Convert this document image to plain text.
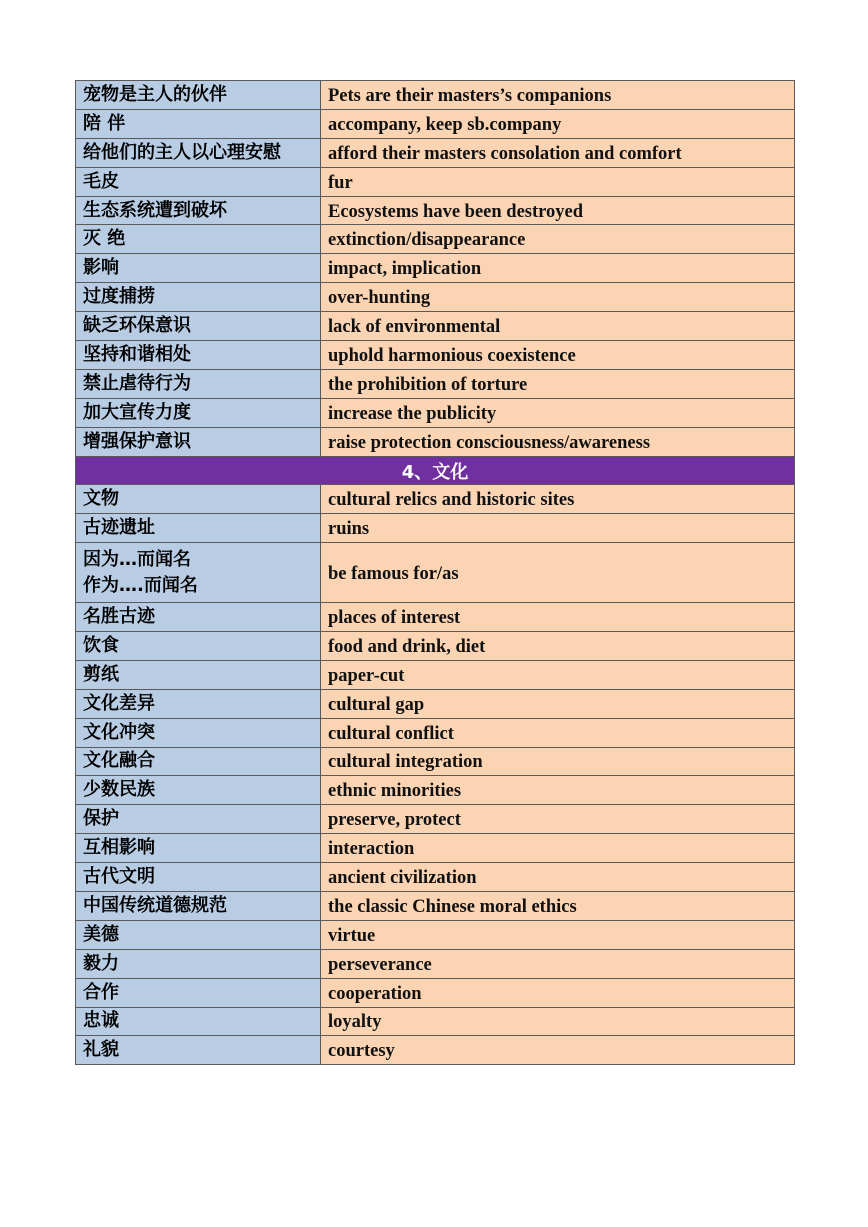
宠物是主人的伙伴	Pets are their masters’s companions
陪 伴	accompany, keep sb.company
给他们的主人以心理安慰	afford their masters consolation and comfort
毛皮	fur
生态系统遭到破坏	Ecosystems have been destroyed
灭 绝	extinction/disappearance
影响	impact, implication
过度捕捞	over-hunting
缺乏环保意识	lack of environmental
坚持和谐相处	uphold harmonious coexistence
禁止虐待行为	the prohibition of torture
加大宣传力度	increase the publicity
增强保护意识	raise protection consciousness/awareness
4、文化	
文物	cultural relics and historic sites
古迹遗址	ruins
因为…而闻名
作为….而闻名	be famous for/as
名胜古迹	places of interest
饮食	food and drink, diet
剪纸	paper-cut
文化差异	cultural gap
文化冲突	cultural conflict
文化融合	cultural integration
少数民族	ethnic minorities
保护	preserve, protect
互相影响	interaction
古代文明	ancient civilization
中国传统道德规范	the classic Chinese moral ethics
美德	virtue
毅力	perseverance
合作	cooperation
忠诚	loyalty
礼貌	courtesy
